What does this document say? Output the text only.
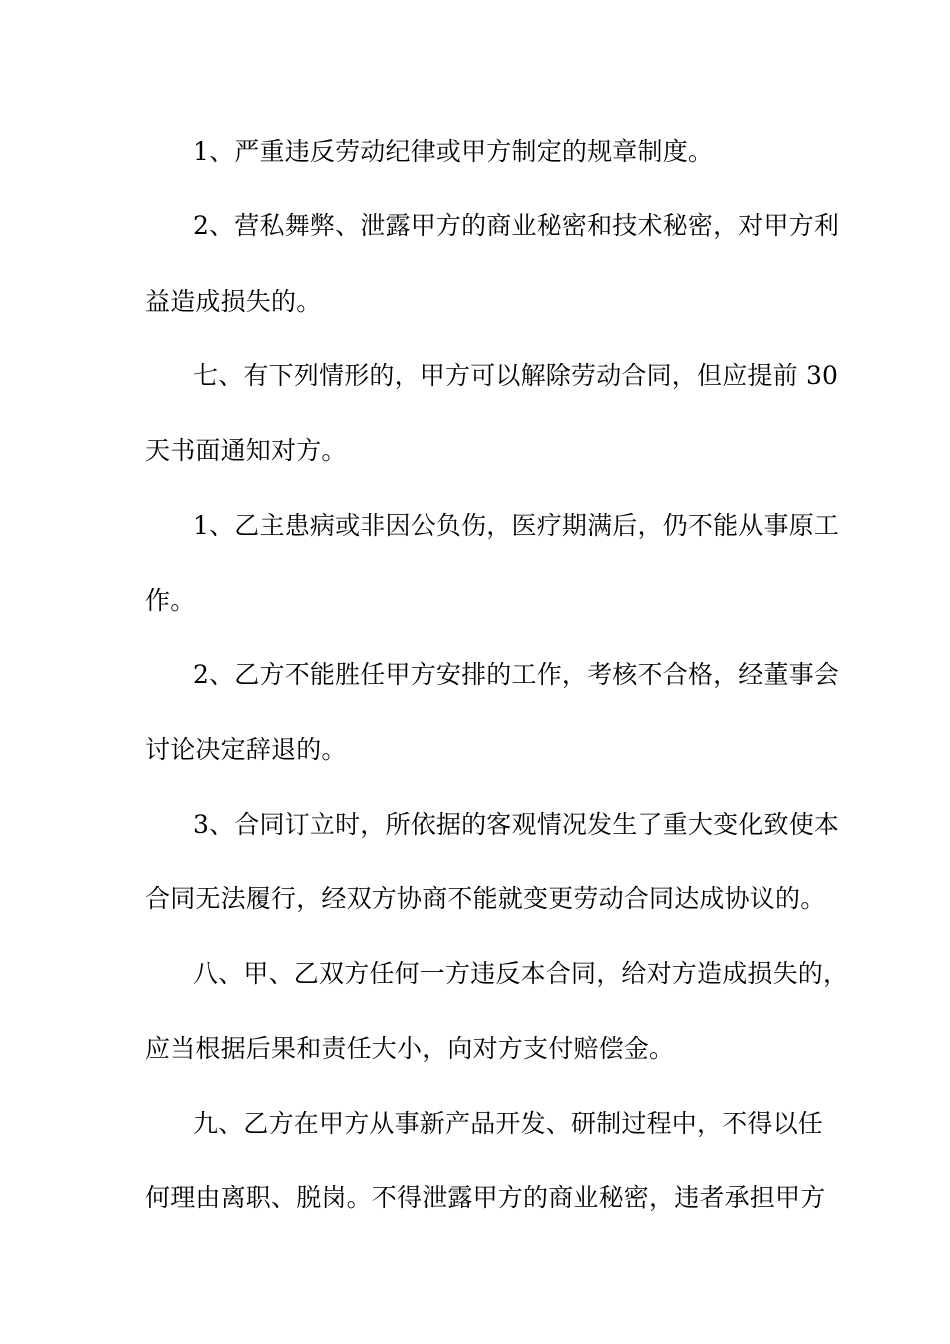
1、严重违反劳动纪律或甲方制定的规章制度。
2、营私舞弊、泄露甲方的商业秘密和技术秘密，对甲方利
益造成损失的。
七、有下列情形的，甲方可以解除劳动合同，但应提前 30
天书面通知对方。
1、乙主患病或非因公负伤，医疗期满后，仍不能从事原工
作。
2、乙方不能胜任甲方安排的工作，考核不合格，经董事会
讨论决定辞退的。
3、合同订立时，所依据的客观情况发生了重大变化致使本
合同无法履行，经双方协商不能就变更劳动合同达成协议的。
八、甲、乙双方任何一方违反本合同，给对方造成损失的，
应当根据后果和责任大小，向对方支付赔偿金。
九、乙方在甲方从事新产品开发、研制过程中，不得以任
何理由离职、脱岗。不得泄露甲方的商业秘密，违者承担甲方
